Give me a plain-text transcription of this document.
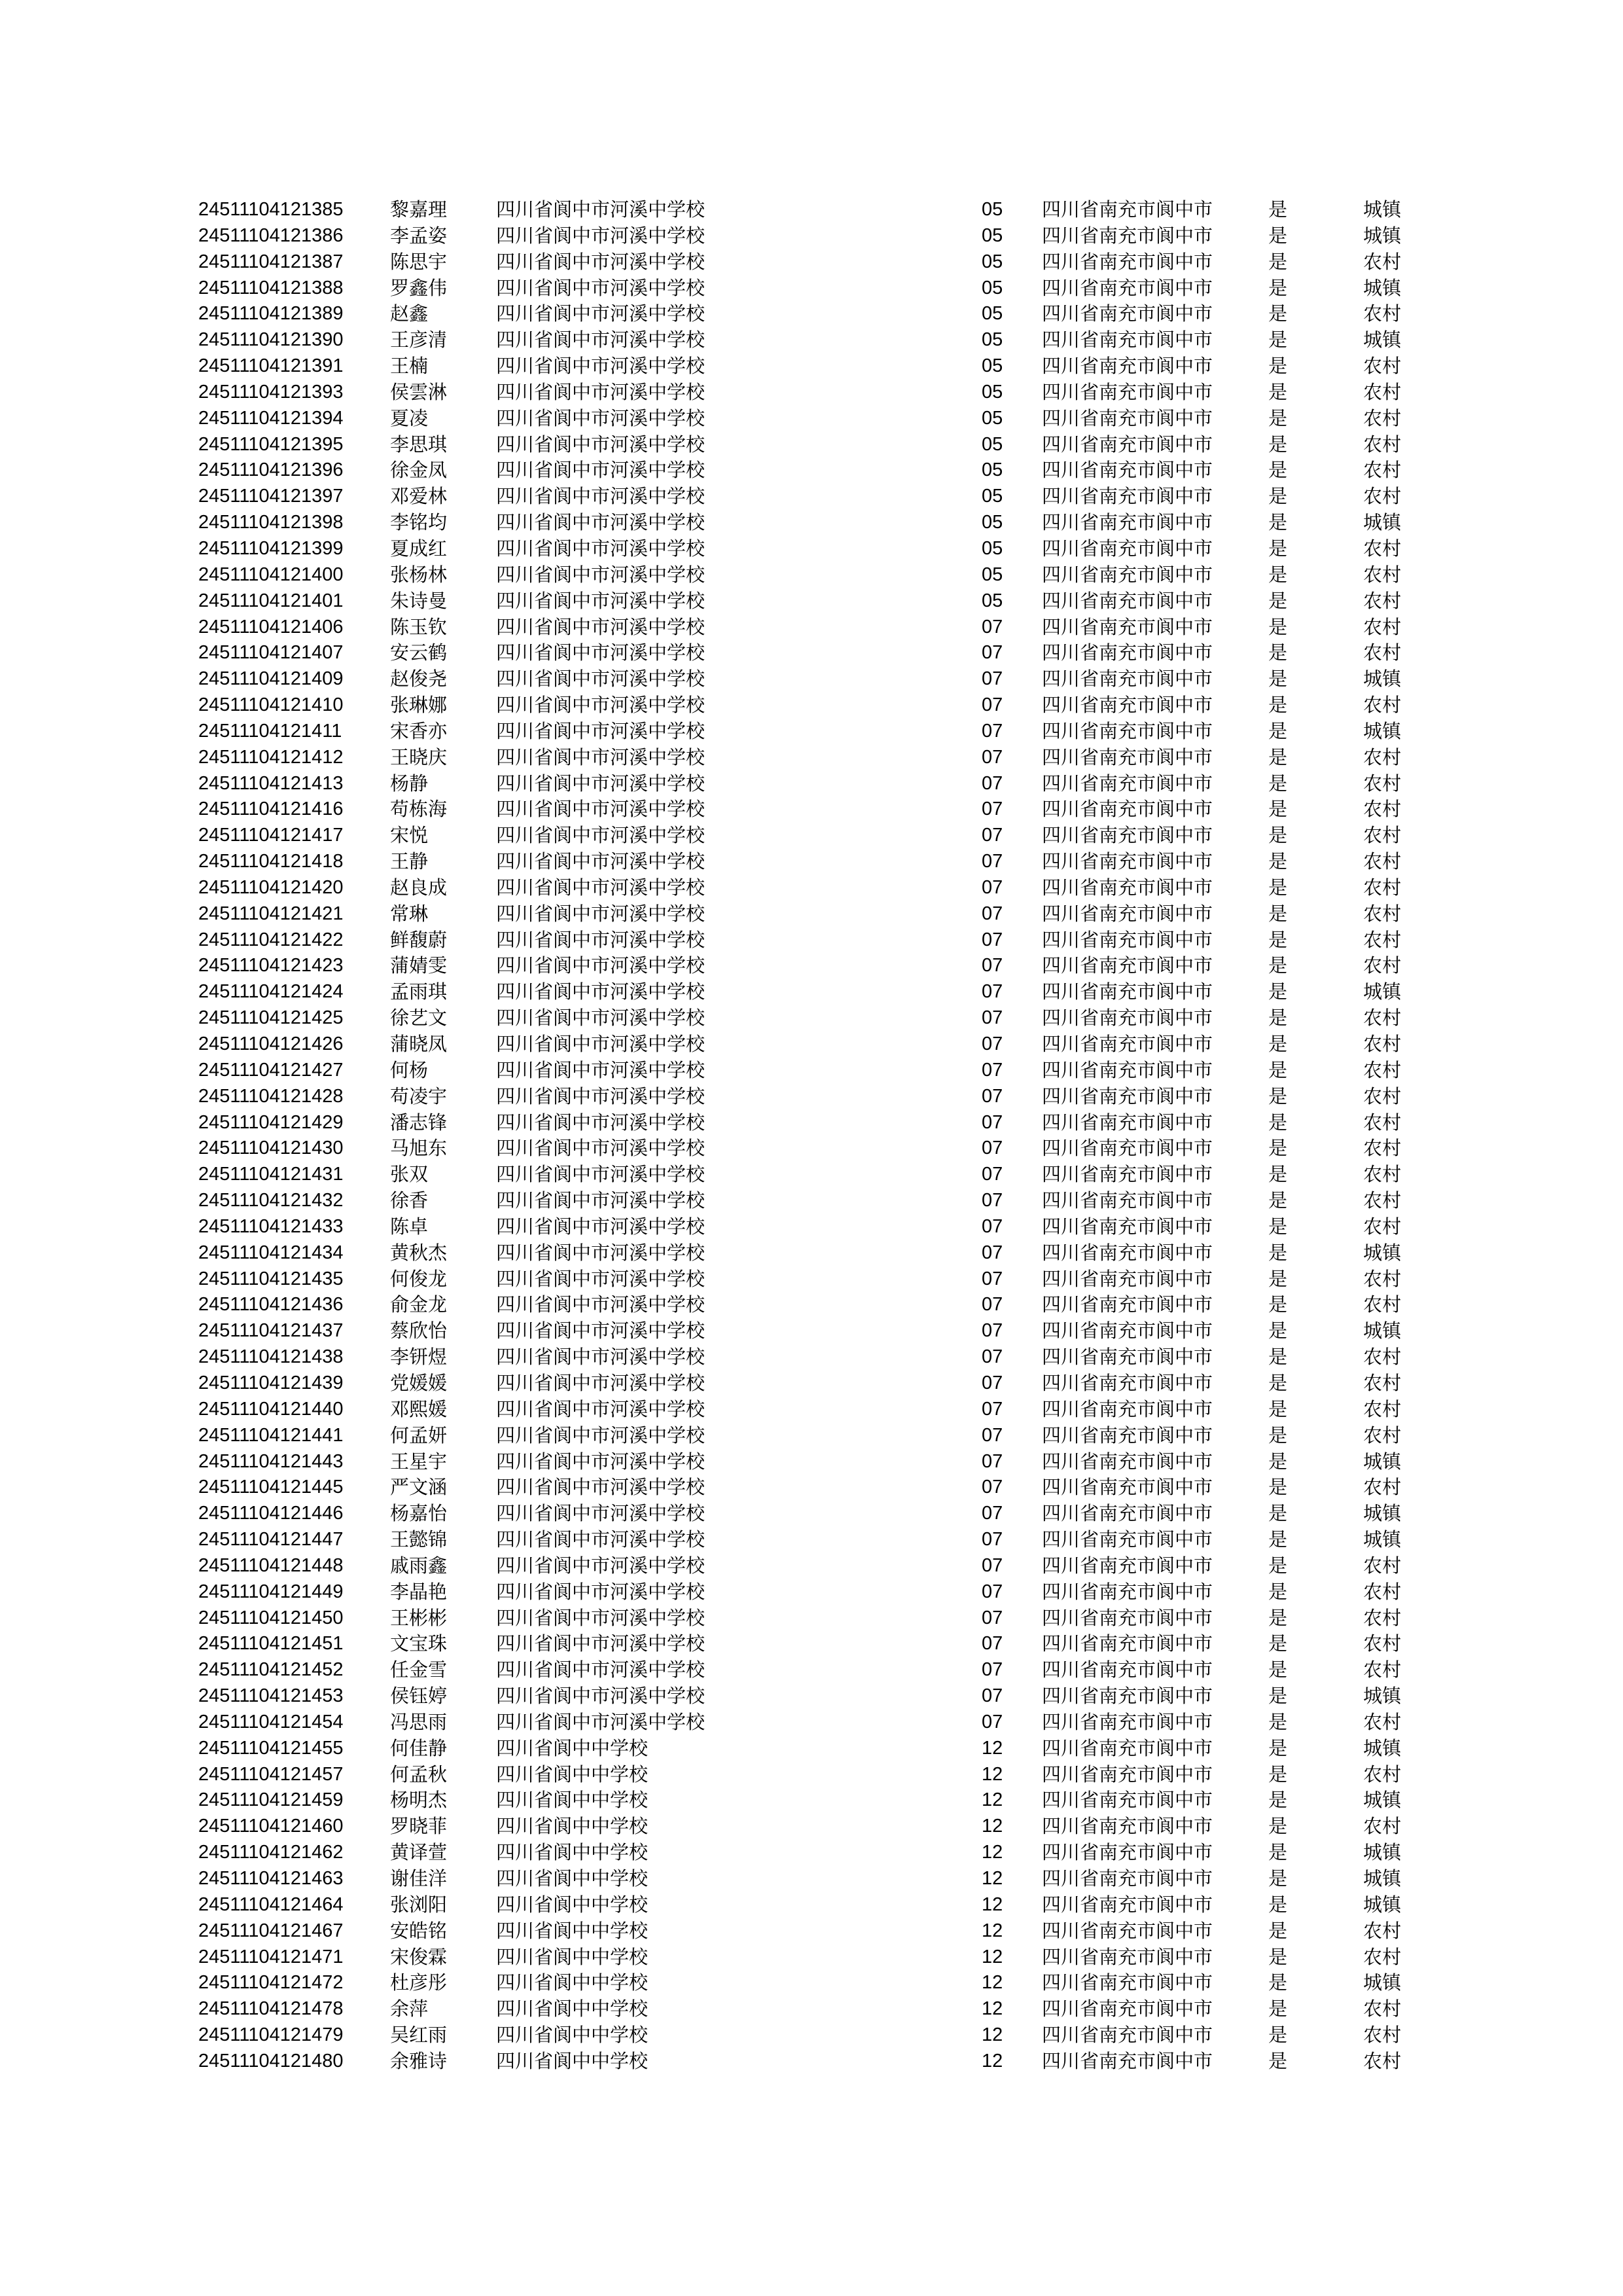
24511104121385 黎嘉理	四川省阆中市河溪中学校	05 四川省南充市阆中市	是	城镇
24511104121386 李孟姿	四川省阆中市河溪中学校	05 四川省南充市阆中市	是	城镇
24511104121387 陈思宇	四川省阆中市河溪中学校	05 四川省南充市阆中市	是	农村
24511104121388 罗鑫伟	四川省阆中市河溪中学校	05 四川省南充市阆中市	是	城镇
24511104121389 赵鑫	四川省阆中市河溪中学校	05 四川省南充市阆中市	是	农村
24511104121390 王彦清	四川省阆中市河溪中学校	05 四川省南充市阆中市	是	城镇
24511104121391 王楠	四川省阆中市河溪中学校	05 四川省南充市阆中市	是	农村
24511104121393 侯雲淋	四川省阆中市河溪中学校	05 四川省南充市阆中市	是	农村
24511104121394 夏凌	四川省阆中市河溪中学校	05 四川省南充市阆中市	是	农村
24511104121395 李思琪	四川省阆中市河溪中学校	05 四川省南充市阆中市	是	农村
24511104121396 徐金凤	四川省阆中市河溪中学校	05 四川省南充市阆中市	是	农村
24511104121397 邓爱林	四川省阆中市河溪中学校	05 四川省南充市阆中市	是	农村
24511104121398 李铭均	四川省阆中市河溪中学校	05 四川省南充市阆中市	是	城镇
24511104121399 夏成红	四川省阆中市河溪中学校	05 四川省南充市阆中市	是	农村
24511104121400 张杨林	四川省阆中市河溪中学校	05 四川省南充市阆中市	是	农村
24511104121401 朱诗曼	四川省阆中市河溪中学校	05 四川省南充市阆中市	是	农村
24511104121406 陈玉钦	四川省阆中市河溪中学校	07 四川省南充市阆中市	是	农村
24511104121407 安云鹤	四川省阆中市河溪中学校	07 四川省南充市阆中市	是	农村
24511104121409 赵俊尧	四川省阆中市河溪中学校	07 四川省南充市阆中市	是	城镇
24511104121410 张琳娜	四川省阆中市河溪中学校	07 四川省南充市阆中市	是	农村
24511104121411	宋香亦	四川省阆中市河溪中学校	07 四川省南充市阆中市	是	城镇
24511104121412 王晓庆	四川省阆中市河溪中学校	07 四川省南充市阆中市	是	农村
24511104121413 杨静	四川省阆中市河溪中学校	07 四川省南充市阆中市	是	农村
24511104121416 苟栋海	四川省阆中市河溪中学校	07 四川省南充市阆中市	是	农村
24511104121417 宋悦	四川省阆中市河溪中学校	07 四川省南充市阆中市	是	农村
24511104121418 王静	四川省阆中市河溪中学校	07 四川省南充市阆中市	是	农村
24511104121420 赵良成	四川省阆中市河溪中学校	07 四川省南充市阆中市	是	农村
24511104121421 常琳	四川省阆中市河溪中学校	07 四川省南充市阆中市	是	农村
24511104121422 鲜馥蔚	四川省阆中市河溪中学校	07 四川省南充市阆中市	是	农村
24511104121423 蒲婧雯	四川省阆中市河溪中学校	07 四川省南充市阆中市	是	农村
24511104121424 孟雨琪	四川省阆中市河溪中学校	07 四川省南充市阆中市	是	城镇
24511104121425 徐艺文	四川省阆中市河溪中学校	07 四川省南充市阆中市	是	农村
24511104121426 蒲晓凤	四川省阆中市河溪中学校	07 四川省南充市阆中市	是	农村
24511104121427 何杨	四川省阆中市河溪中学校	07 四川省南充市阆中市	是	农村
24511104121428 苟凌宇	四川省阆中市河溪中学校	07 四川省南充市阆中市	是	农村
24511104121429 潘志锋	四川省阆中市河溪中学校	07 四川省南充市阆中市	是	农村
24511104121430 马旭东	四川省阆中市河溪中学校	07 四川省南充市阆中市	是	农村
24511104121431 张双	四川省阆中市河溪中学校	07 四川省南充市阆中市	是	农村
24511104121432 徐香	四川省阆中市河溪中学校	07 四川省南充市阆中市	是	农村
24511104121433 陈卓	四川省阆中市河溪中学校	07 四川省南充市阆中市	是	农村
24511104121434 黄秋杰	四川省阆中市河溪中学校	07 四川省南充市阆中市	是	城镇
24511104121435 何俊龙	四川省阆中市河溪中学校	07 四川省南充市阆中市	是	农村
24511104121436 俞金龙	四川省阆中市河溪中学校	07 四川省南充市阆中市	是	农村
24511104121437 蔡欣怡	四川省阆中市河溪中学校	07 四川省南充市阆中市	是	城镇
24511104121438 李钘煜	四川省阆中市河溪中学校	07 四川省南充市阆中市	是	农村
24511104121439 党媛媛	四川省阆中市河溪中学校	07 四川省南充市阆中市	是	农村
24511104121440 邓熙媛	四川省阆中市河溪中学校	07 四川省南充市阆中市	是	农村
24511104121441 何孟妍	四川省阆中市河溪中学校	07 四川省南充市阆中市	是	农村
24511104121443 王星宇	四川省阆中市河溪中学校	07 四川省南充市阆中市	是	城镇
24511104121445 严文涵	四川省阆中市河溪中学校	07 四川省南充市阆中市	是	农村
24511104121446 杨嘉怡	四川省阆中市河溪中学校	07 四川省南充市阆中市	是	城镇
24511104121447 王懿锦	四川省阆中市河溪中学校	07 四川省南充市阆中市	是	城镇
24511104121448 戚雨鑫	四川省阆中市河溪中学校	07 四川省南充市阆中市	是	农村
24511104121449 李晶艳	四川省阆中市河溪中学校	07 四川省南充市阆中市	是	农村
24511104121450 王彬彬	四川省阆中市河溪中学校	07 四川省南充市阆中市	是	农村
24511104121451 文宝珠	四川省阆中市河溪中学校	07 四川省南充市阆中市	是	农村
24511104121452 任金雪	四川省阆中市河溪中学校	07 四川省南充市阆中市	是	农村
24511104121453 侯钰婷	四川省阆中市河溪中学校	07 四川省南充市阆中市	是	城镇
24511104121454 冯思雨	四川省阆中市河溪中学校	07 四川省南充市阆中市	是	农村
24511104121455 何佳静	四川省阆中中学校	12 四川省南充市阆中市	是	城镇
24511104121457 何孟秋	四川省阆中中学校	12 四川省南充市阆中市	是	农村
24511104121459 杨明杰	四川省阆中中学校	12 四川省南充市阆中市	是	城镇
24511104121460 罗晓菲	四川省阆中中学校	12 四川省南充市阆中市	是	农村
24511104121462 黄译萱	四川省阆中中学校	12 四川省南充市阆中市	是	城镇
24511104121463 谢佳洋	四川省阆中中学校	12 四川省南充市阆中市	是	城镇
24511104121464 张浏阳	四川省阆中中学校	12 四川省南充市阆中市	是	城镇
24511104121467 安皓铭	四川省阆中中学校	12 四川省南充市阆中市	是	农村
24511104121471 宋俊霖	四川省阆中中学校	12 四川省南充市阆中市	是	农村
24511104121472 杜彦彤	四川省阆中中学校	12 四川省南充市阆中市	是	城镇
24511104121478 余萍	四川省阆中中学校	12 四川省南充市阆中市	是	农村
24511104121479 吴红雨	四川省阆中中学校	12 四川省南充市阆中市	是	农村
24511104121480 余雅诗	四川省阆中中学校	12 四川省南充市阆中市	是	农村
